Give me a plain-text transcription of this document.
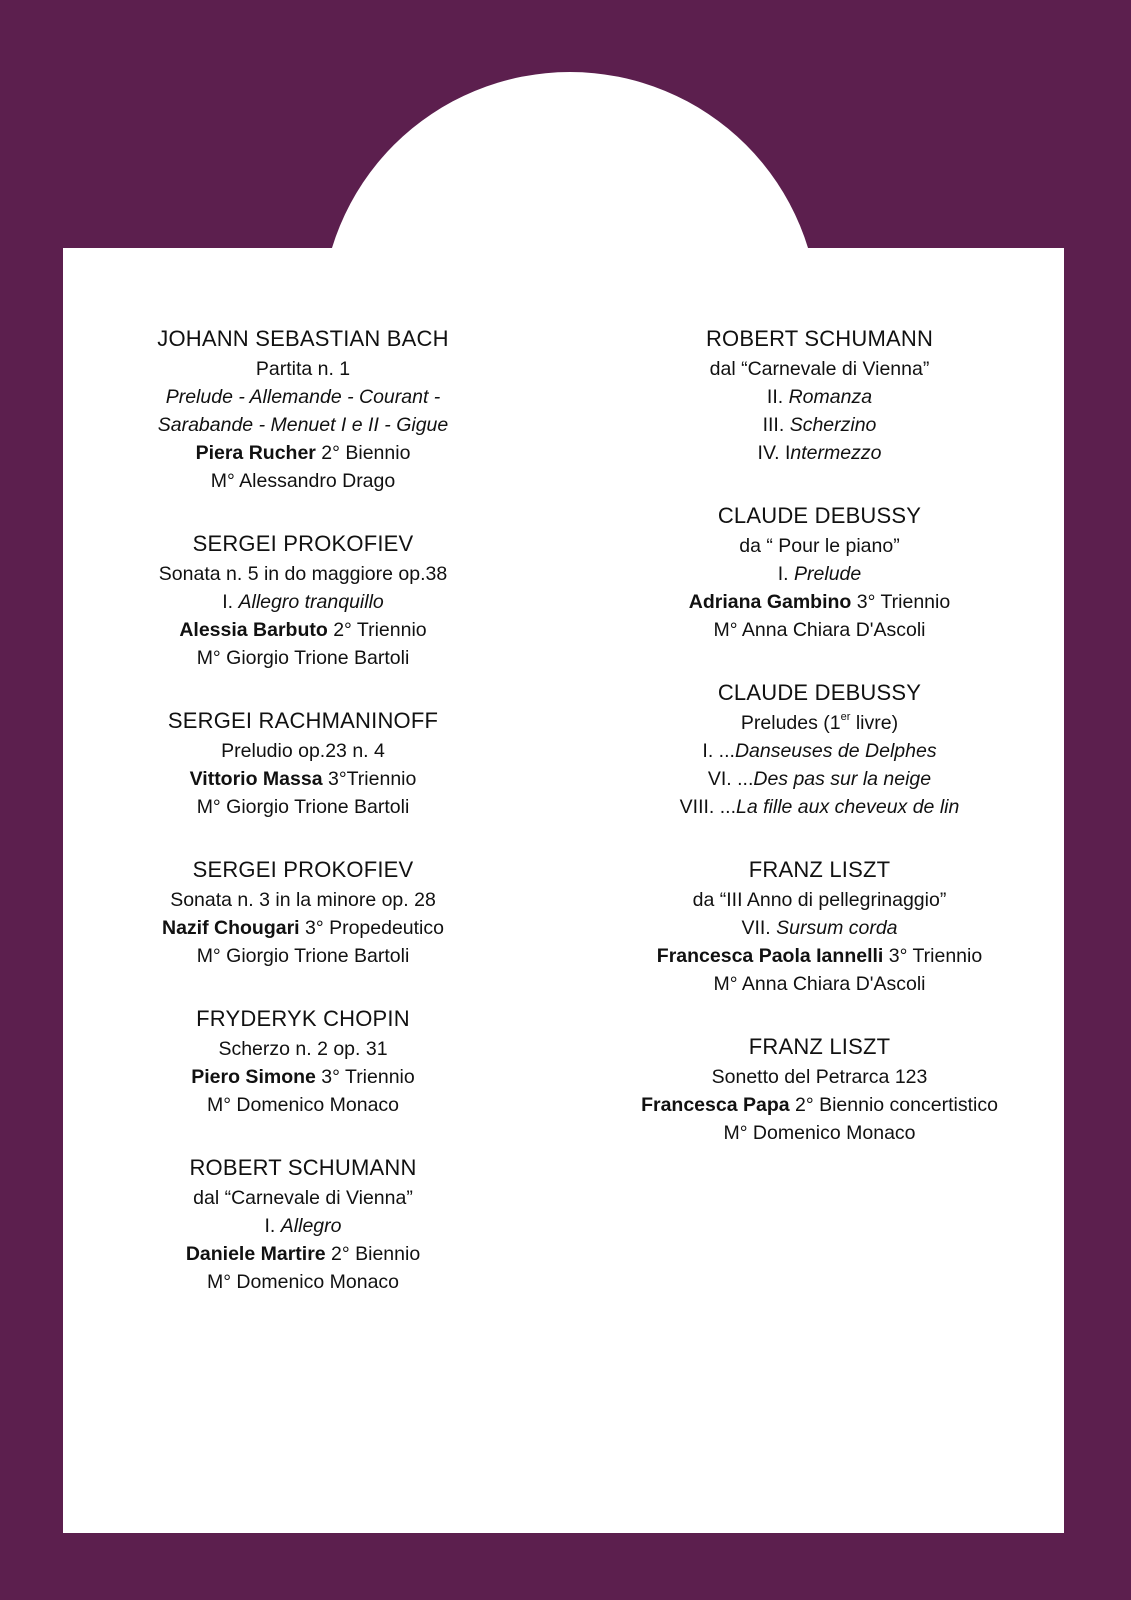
JOHANN SEBASTIAN BACH
Partita n. 1
Prelude - Allemande - Courant -
Sarabande - Menuet I e II - Gigue
Piera Rucher 2° Biennio
M° Alessandro Drago
SERGEI PROKOFIEV
Sonata n. 5 in do maggiore op.38
I. Allegro tranquillo
Alessia Barbuto 2° Triennio
M° Giorgio Trione Bartoli
SERGEI RACHMANINOFF
Preludio op.23 n. 4
Vittorio Massa 3°Triennio
M° Giorgio Trione Bartoli
SERGEI PROKOFIEV
Sonata n. 3 in la minore op. 28
Nazif Chougari 3° Propedeutico
M° Giorgio Trione Bartoli
FRYDERYK CHOPIN
Scherzo n. 2 op. 31
Piero Simone 3° Triennio
M° Domenico Monaco
ROBERT SCHUMANN
dal “Carnevale di Vienna”
I. Allegro
Daniele Martire 2° Biennio
M° Domenico Monaco
ROBERT SCHUMANN
dal “Carnevale di Vienna”
II. Romanza
III. Scherzino
IV. Intermezzo
CLAUDE DEBUSSY
da “ Pour le piano”
I. Prelude
Adriana Gambino 3° Triennio
M° Anna Chiara D'Ascoli
CLAUDE DEBUSSY
Preludes (1er livre)
I. ...Danseuses de Delphes
VI. ...Des pas sur la neige
VIII. ...La fille aux cheveux de lin
FRANZ LISZT
da “III Anno di pellegrinaggio”
VII. Sursum corda
Francesca Paola Iannelli 3° Triennio
M° Anna Chiara D'Ascoli
FRANZ LISZT
Sonetto del Petrarca 123
Francesca Papa 2° Biennio concertistico
M° Domenico Monaco
